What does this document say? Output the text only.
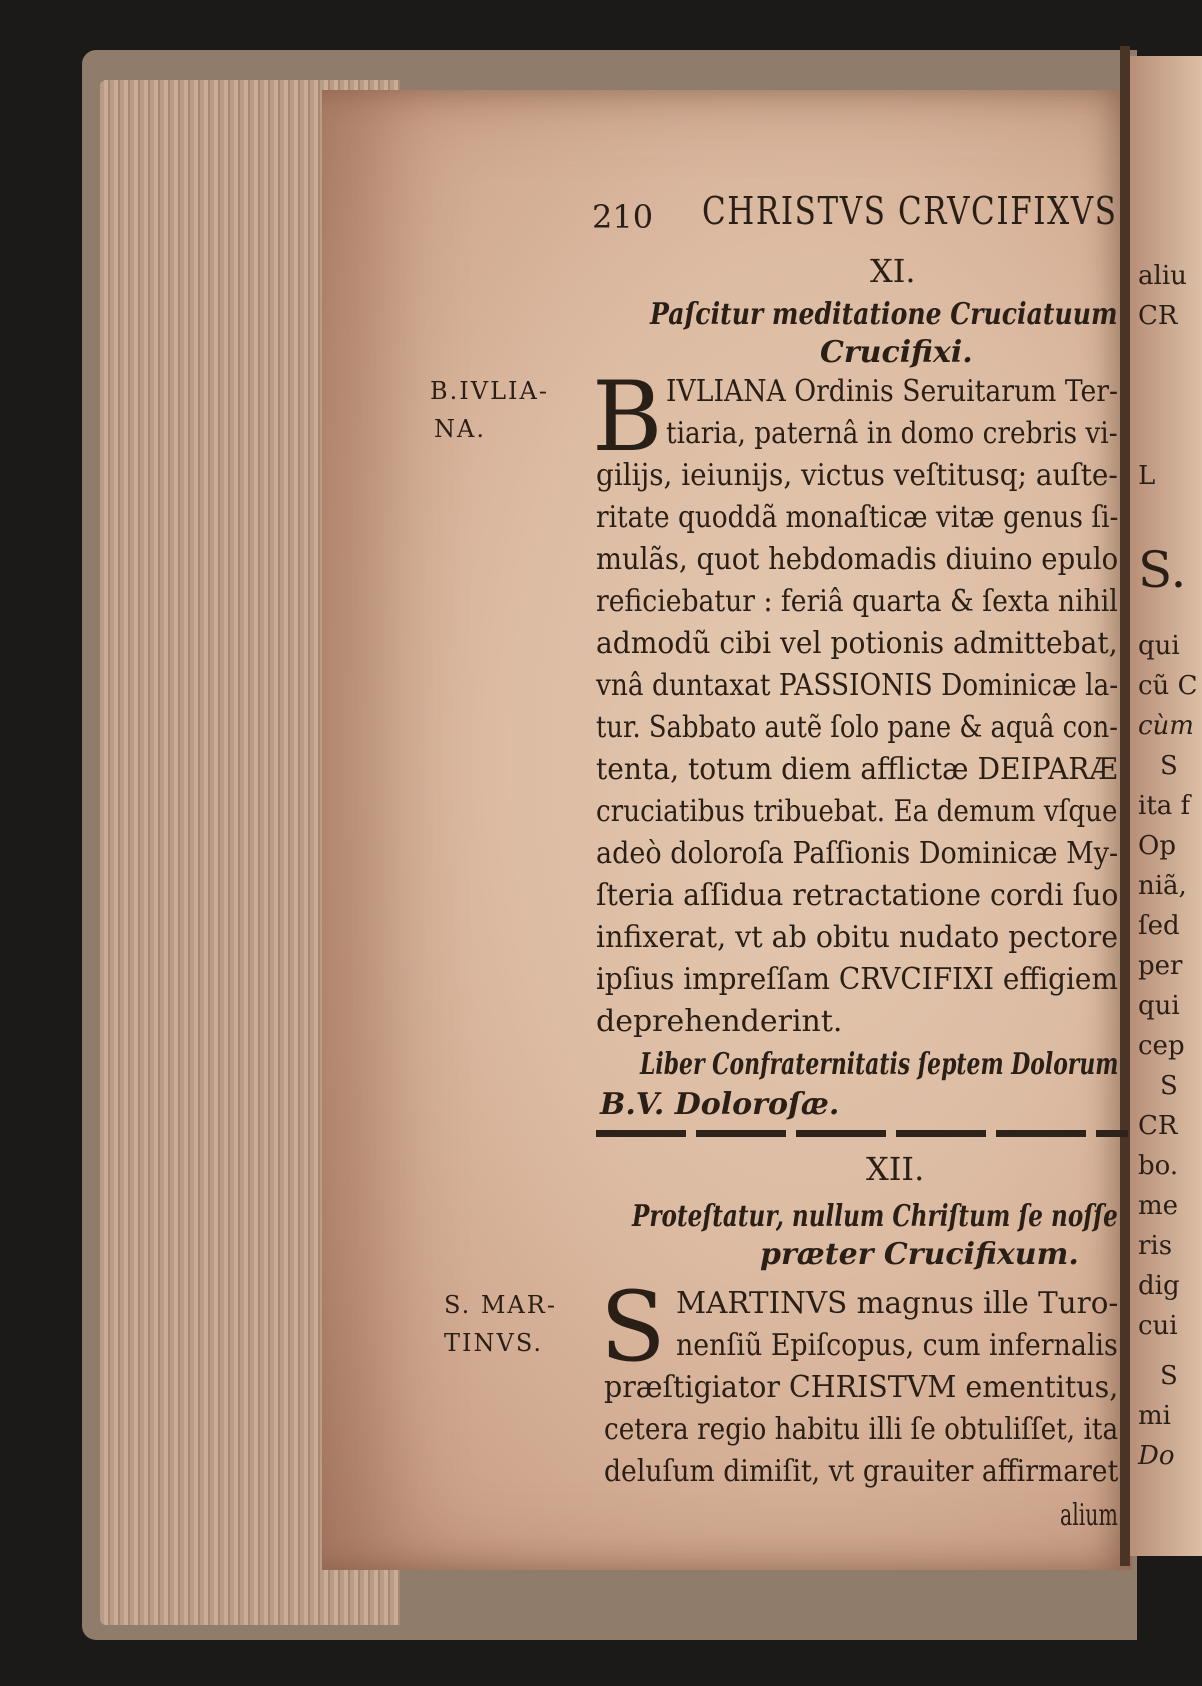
aliu
CR
L
S.
qui
cũ C
cùm
S
ita f
Op
niã,
ſed
per
qui
cep
S
CR
bo.
me
ris
dig
cui
S
mi
Do
210 CHRISTVS CRVCIFIXVS
XI.
Paſcitur meditatione Cruciatuum
Crucifixi.
B.IVLIA-
NA. B IVLIANA Ordinis Seruitarum Ter-
tiaria, paternâ in domo crebris vi-
gilijs, ieiunijs, victus veſtitusq; auſte-
ritate quoddã monaſticæ vitæ genus ſi-
mulãs, quot hebdomadis diuino epulo
reficiebatur : feriâ quarta & ſexta nihil
admodũ cibi vel potionis admittebat,
vnâ duntaxat PASSIONIS Dominicæ la-
tur. Sabbato autẽ ſolo pane & aquâ con-
tenta, totum diem afflictæ DEIPARÆ
cruciatibus tribuebat. Ea demum vſque
adeò doloroſa Paſſionis Dominicæ My-
ſteria aſſidua retractatione cordi ſuo
infixerat, vt ab obitu nudato pectore
ipſius impreſſam CRVCIFIXI effigiem
deprehenderint.
Liber Confraternitatis ſeptem Dolorum
B.V. Doloroſæ.
XII.
Proteſtatur, nullum Chriſtum ſe noſſe
præter Crucifixum.
S. MAR-
TINVS. S MARTINVS magnus ille Turo-
nenſiũ Epiſcopus, cum infernalis
præſtigiator CHRISTVM ementitus,
cetera regio habitu illi ſe obtuliſſet, ita
deluſum dimiſit, vt grauiter affirmaret
alium
